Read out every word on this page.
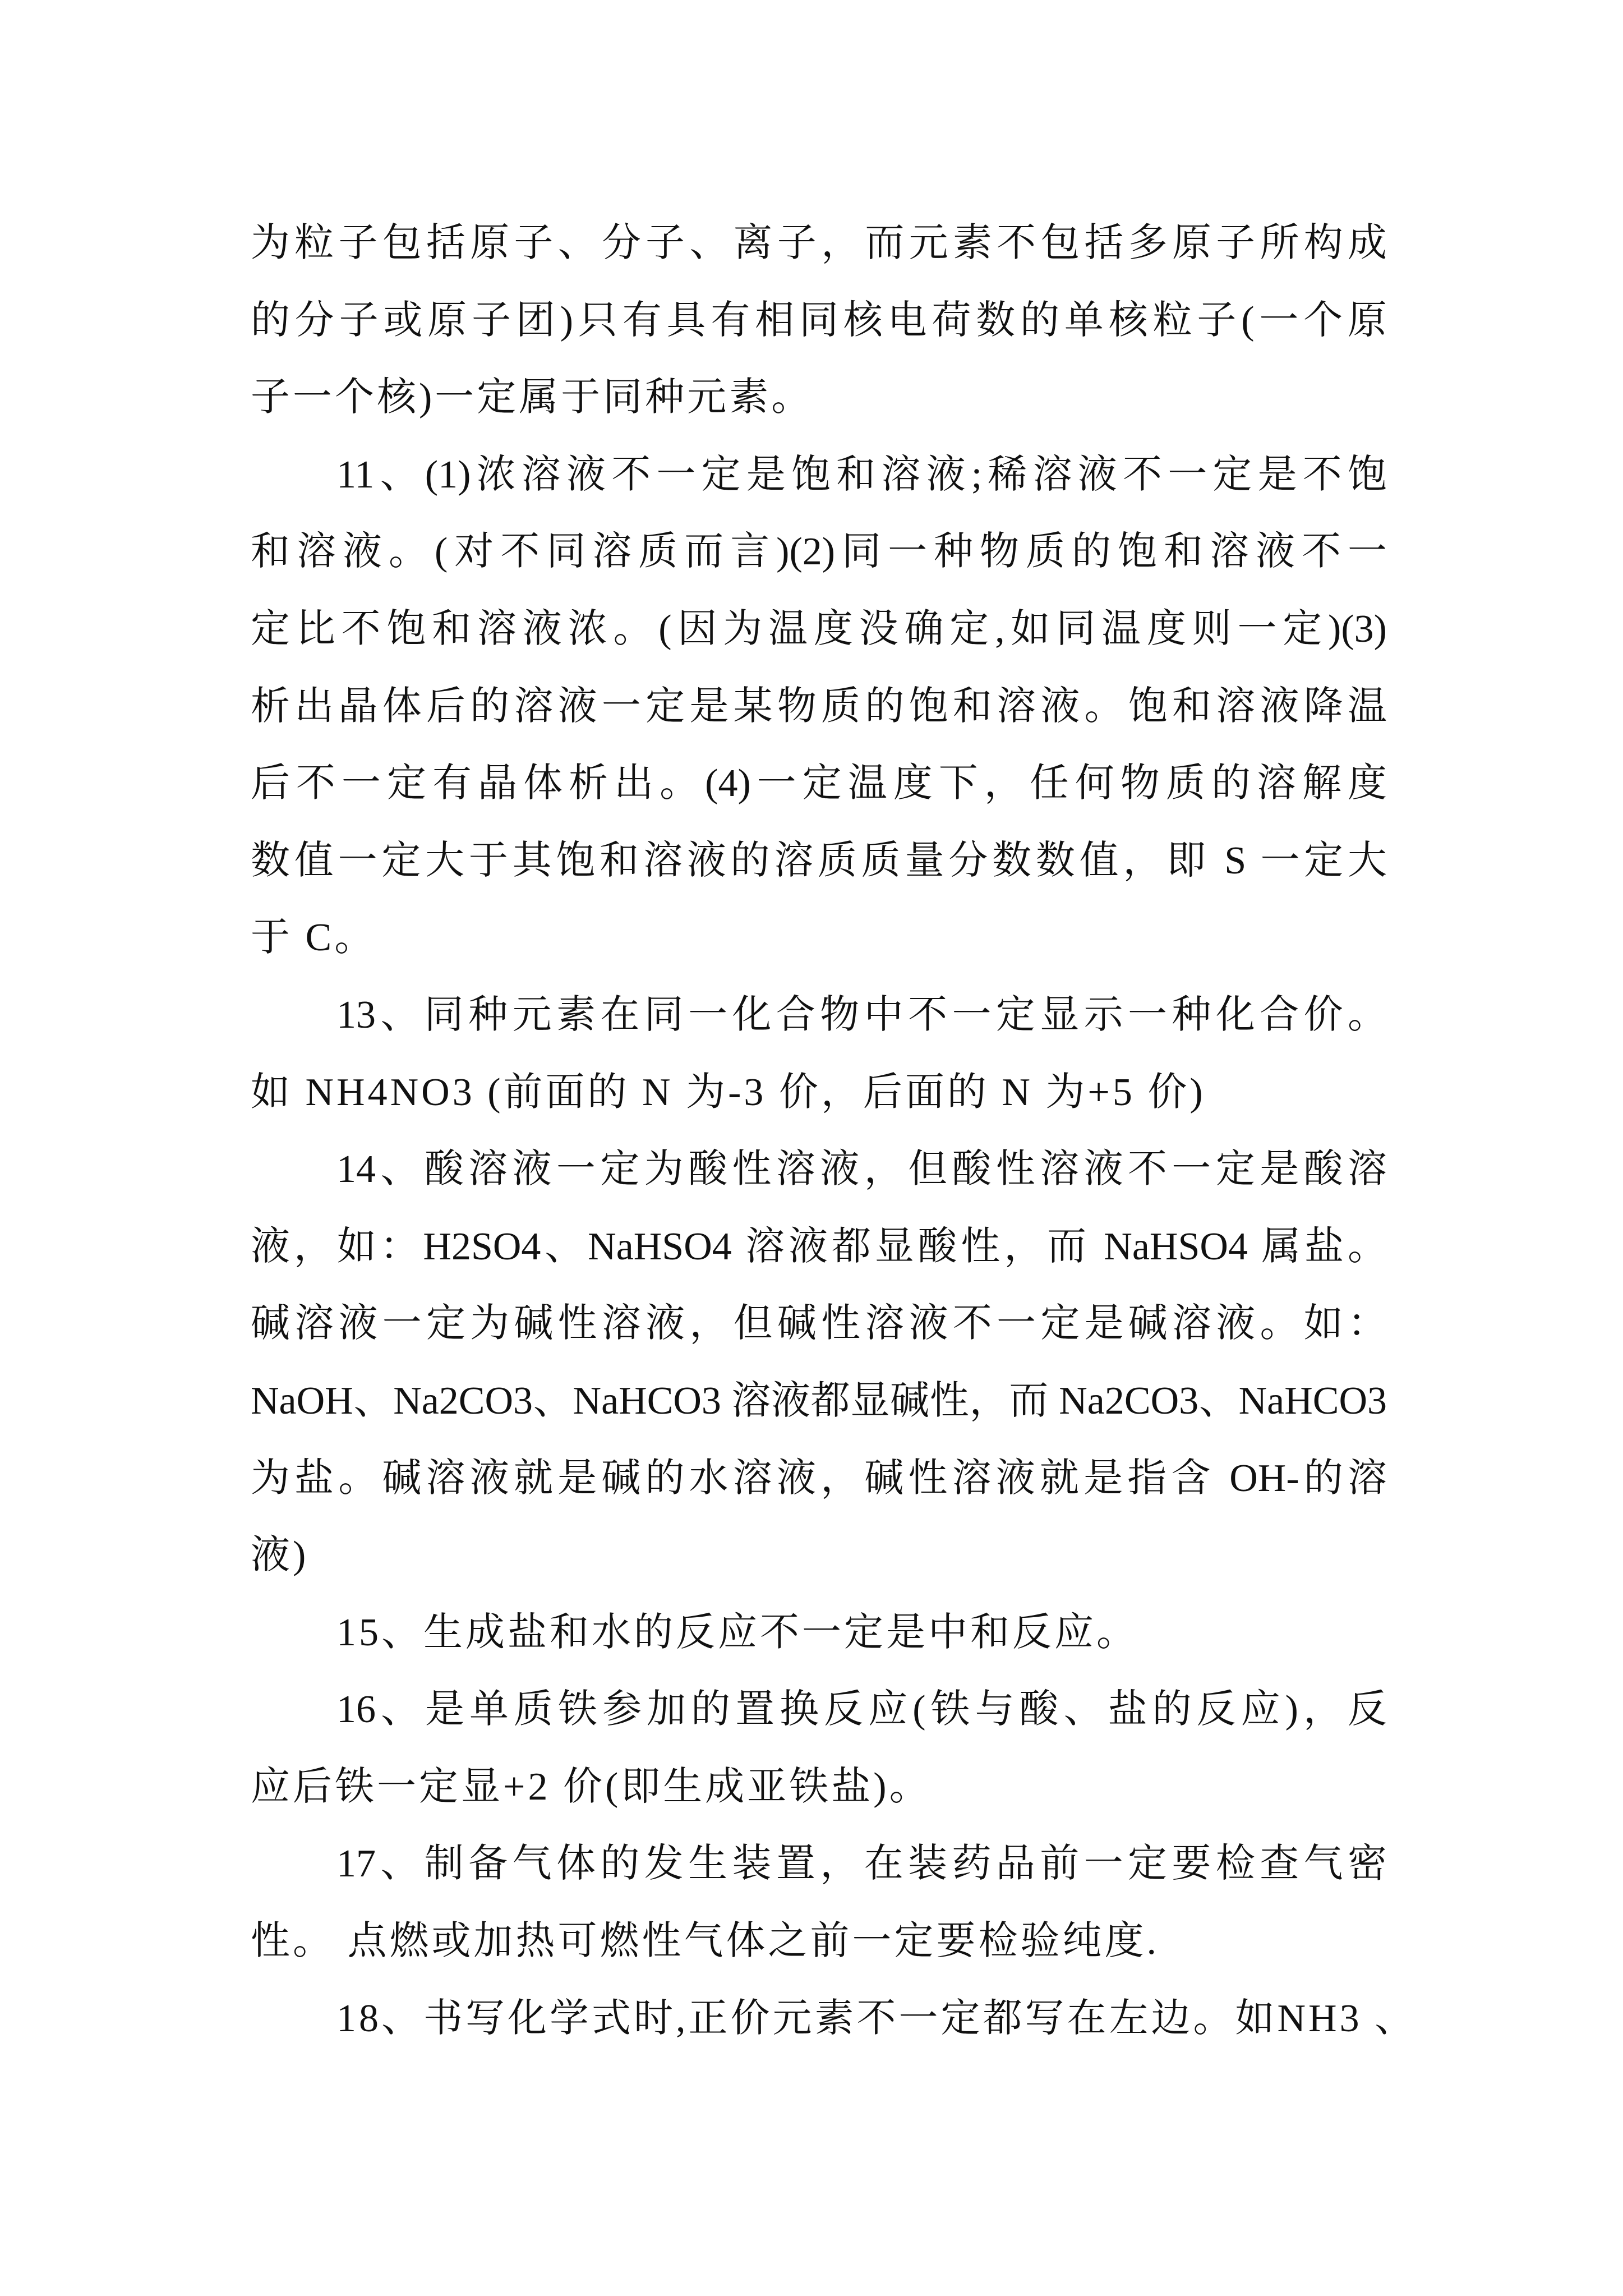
为粒子包括原子、分子、离子，而元素不包括多原子所构成
的分子或原子团)只有具有相同核电荷数的单核粒子(一个原
子一个核)一定属于同种元素。
11、(1)浓溶液不一定是饱和溶液;稀溶液不一定是不饱
和溶液。(对不同溶质而言)(2)同一种物质的饱和溶液不一
定比不饱和溶液浓。(因为温度没确定,如同温度则一定)(3)
析出晶体后的溶液一定是某物质的饱和溶液。饱和溶液降温
后不一定有晶体析出。(4)一定温度下，任何物质的溶解度
数值一定大于其饱和溶液的溶质质量分数数值，即 S 一定大
于 C。
13、同种元素在同一化合物中不一定显示一种化合价。
如 NH4NO3 (前面的 N 为-3 价，后面的 N 为+5 价)
14、酸溶液一定为酸性溶液，但酸性溶液不一定是酸溶
液，如：H2SO4、NaHSO4 溶液都显酸性，而 NaHSO4 属盐。
碱溶液一定为碱性溶液，但碱性溶液不一定是碱溶液。如：
NaOH、Na2CO3、NaHCO3 溶液都显碱性，而 Na2CO3、NaHCO3
为盐。碱溶液就是碱的水溶液，碱性溶液就是指含 OH-的溶
液)
15、生成盐和水的反应不一定是中和反应。
16、是单质铁参加的置换反应(铁与酸、盐的反应)，反
应后铁一定显+2 价(即生成亚铁盐)。
17、制备气体的发生装置，在装药品前一定要检查气密
性。 点燃或加热可燃性气体之前一定要检验纯度.
18、书写化学式时,正价元素不一定都写在左边。如NH3 、
